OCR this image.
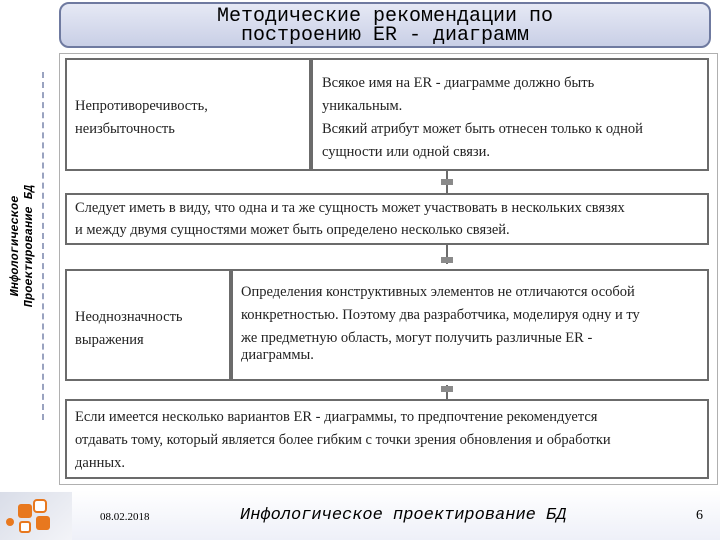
Методические рекомендации по
построению ER - диаграмм
Инфологическое Проектирование БД
Непротиворечивость,
неизбыточность
Всякое имя на ER - диаграмме должно быть
уникальным.
Всякий атрибут может быть отнесен только к одной
сущности или одной связи.
Следует иметь в виду, что одна и та же сущность может участвовать в нескольких связях
и между двумя сущностями может быть определено несколько связей.
Неоднозначность
выражения
Определения конструктивных элементов не отличаются особой
конкретностью. Поэтому два разработчика, моделируя одну и ту
же предметную область, могут получить различные ER -
диаграммы.
Если имеется несколько вариантов ER - диаграммы, то предпочтение рекомендуется
отдавать тому, который является более гибким с точки зрения обновления и обработки
данных.
08.02.2018	Инфологическое проектирование БД	6
